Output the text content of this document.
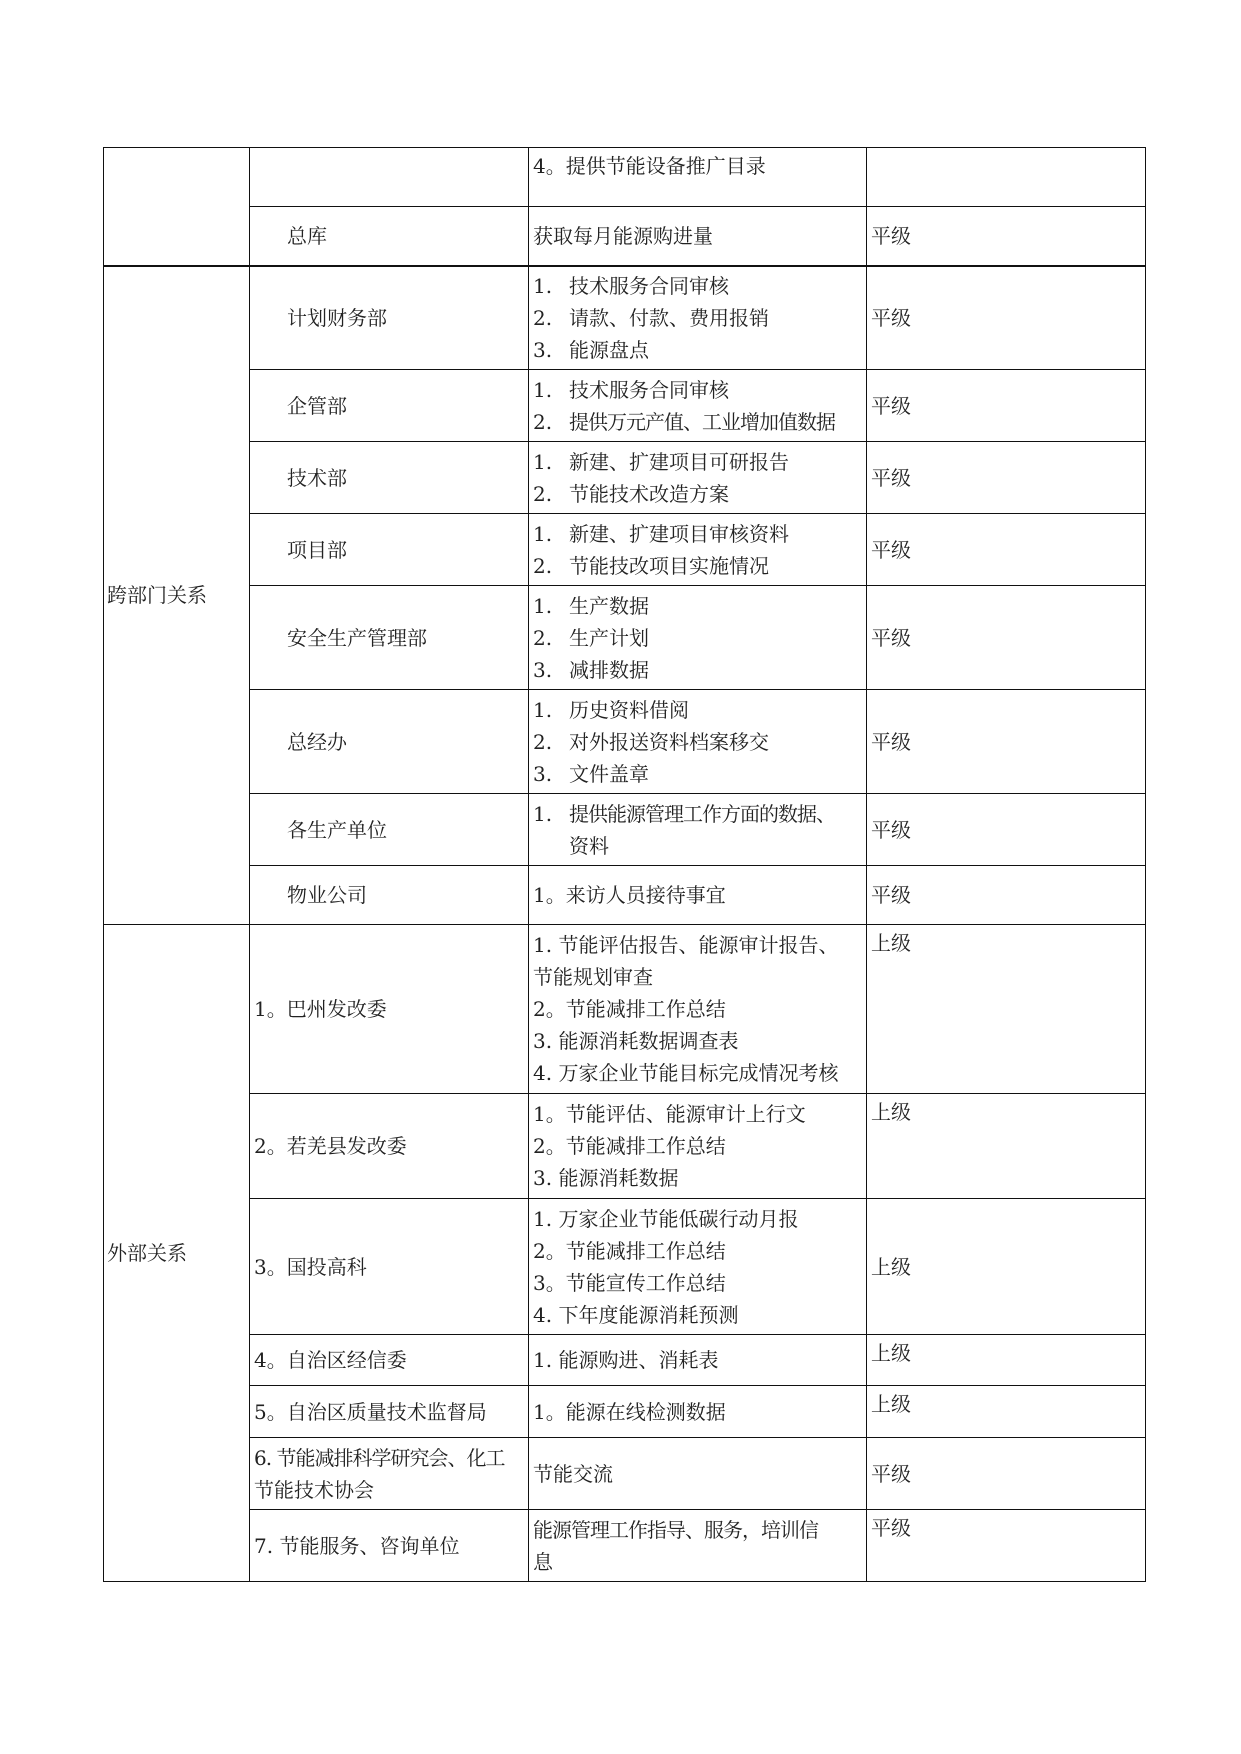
		4。提供节能设备推广目录	

	总库	获取每月能源购进量	平级
跨部门关系	计划财务部	1. 技术服务合同审核
2. 请款、付款、费用报销
3. 能源盘点	平级
	企管部	1. 技术服务合同审核
2. 提供万元产值、工业增加值数据	平级
	技术部	1. 新建、扩建项目可研报告
2. 节能技术改造方案	平级
	项目部	1. 新建、扩建项目审核资料
2. 节能技改项目实施情况	平级
	安全生产管理部	1. 生产数据
2. 生产计划
3. 减排数据	平级
	总经办	1. 历史资料借阅
2. 对外报送资料档案移交
3. 文件盖章	平级
	各生产单位	1. 提供能源管理工作方面的数据、
资料	平级
	物业公司	1。来访人员接待事宜	平级
外部关系	1。巴州发改委	1. 节能评估报告、能源审计报告、
节能规划审查
2。节能减排工作总结
3. 能源消耗数据调查表
4. 万家企业节能目标完成情况考核	上级
	2。若羌县发改委	1。节能评估、能源审计上行文
2。节能减排工作总结
3. 能源消耗数据	上级
	3。国投高科	1. 万家企业节能低碳行动月报
2。节能减排工作总结
3。节能宣传工作总结
4. 下年度能源消耗预测	上级
	4。自治区经信委	1. 能源购进、消耗表	上级
	5。自治区质量技术监督局	1。能源在线检测数据	上级

	6. 节能减排科学研究会、化工
节能技术协会	节能交流	平级
	7. 节能服务、咨询单位	能源管理工作指导、服务，培训信
息	平级
